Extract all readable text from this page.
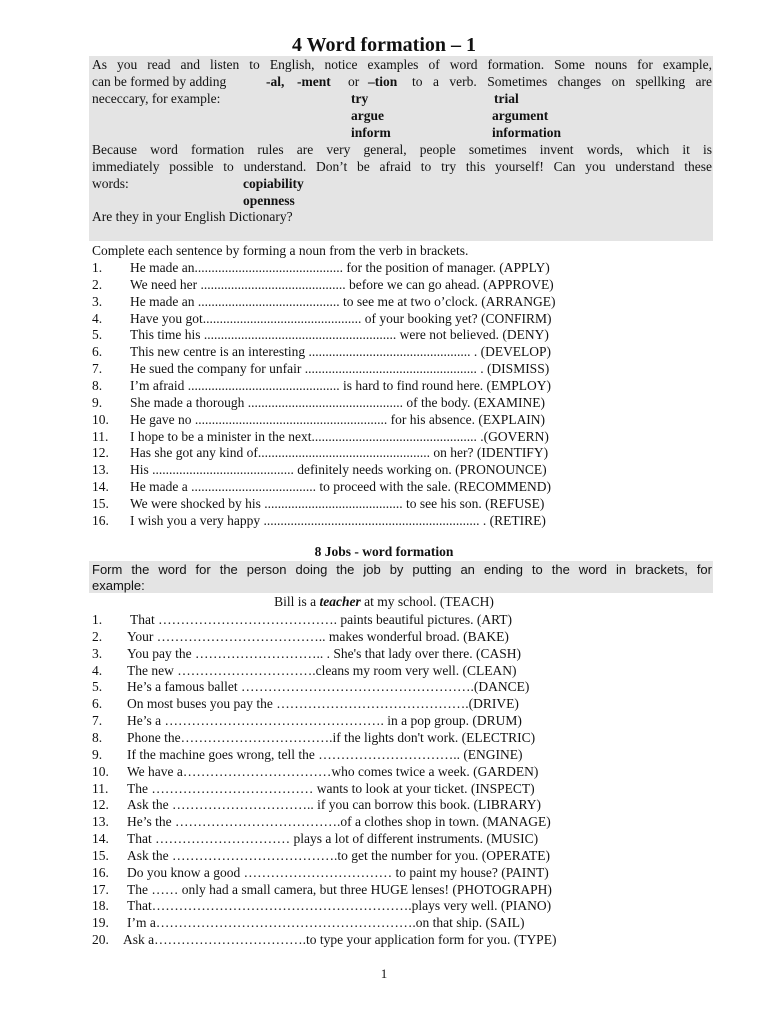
4 Word formation – 1
As you read and listen to English, notice examples of word formation. Some nouns for example,
can be formed by adding	-al, -ment or –tion to a verb. Sometimes changes on spellking are
nececcary, for example:	try	trial
argue	argument
inform	information
Because word formation rules are very general, people sometimes invent words, which it is
immediately possible to understand. Don’t be afraid to try this yourself! Can you understand these
words:	copiability
openness
Are they in your English Dictionary?
Complete each sentence by forming a noun from the verb in brackets.
1. He made an............................................ for the position of manager. (APPLY)
2. We need her ........................................... before we can go ahead. (APPROVE)
3. He made an .......................................... to see me at two o’clock. (ARRANGE)
4. Have you got............................................... of your booking yet? (CONFIRM)
5. This time his ......................................................... were not believed. (DENY)
6. This new centre is an interesting ................................................ . (DEVELOP)
7. He sued the company for unfair ................................................... . (DISMISS)
8. I’m afraid ............................................. is hard to find round here. (EMPLOY)
9. She made a thorough .............................................. of the body. (EXAMINE)
10. He gave no ......................................................... for his absence. (EXPLAIN)
11. I hope to be a minister in the next................................................. .(GOVERN)
12. Has she got any kind of................................................... on her? (IDENTIFY)
13. His .......................................... definitely needs working on. (PRONOUNCE)
14. He made a ..................................... to proceed with the sale. (RECOMMEND)
15. We were shocked by his ......................................... to see his son. (REFUSE)
16. I wish you a very happy ................................................................ . (RETIRE)
8 Jobs - word formation
Form the word for the person doing the job by putting an ending to the word in brackets, for
example:
Bill is a teacher at my school. (TEACH)
1. That …………………………………. paints beautiful pictures. (ART)
2. Your ……………………………….. makes wonderful broad. (BAKE)
3. You pay the ……………………….. . She's that lady over there. (CASH)
4. The new ………………………….cleans my room very well. (CLEAN)
5. He’s a famous ballet …………………………………………….(DANCE)
6. On most buses you pay the …………………………………….(DRIVE)
7. He’s a …………………………………………. in a pop group. (DRUM)
8. Phone the…………………………….if the lights don't work. (ELECTRIC)
9. If the machine goes wrong, tell the ………………………….. (ENGINE)
10. We have a……………………………who comes twice a week. (GARDEN)
11. The ……………………………… wants to look at your ticket. (INSPECT)
12. Ask the ………………………….. if you can borrow this book. (LIBRARY)
13. He’s the ……………………………….of a clothes shop in town. (MANAGE)
14. That ………………………… plays a lot of different instruments. (MUSIC)
15. Ask the ……………………………….to get the number for you. (OPERATE)
16. Do you know a good …………………………… to paint my house? (PAINT)
17. The …… only had a small camera, but three HUGE lenses! (PHOTOGRAPH)
18. That………………………………………………….plays very well. (PIANO)
19. I’m a………………………………………………….on that ship. (SAIL)
20. Ask a…………………………….to type your application form for you. (TYPE)
1
